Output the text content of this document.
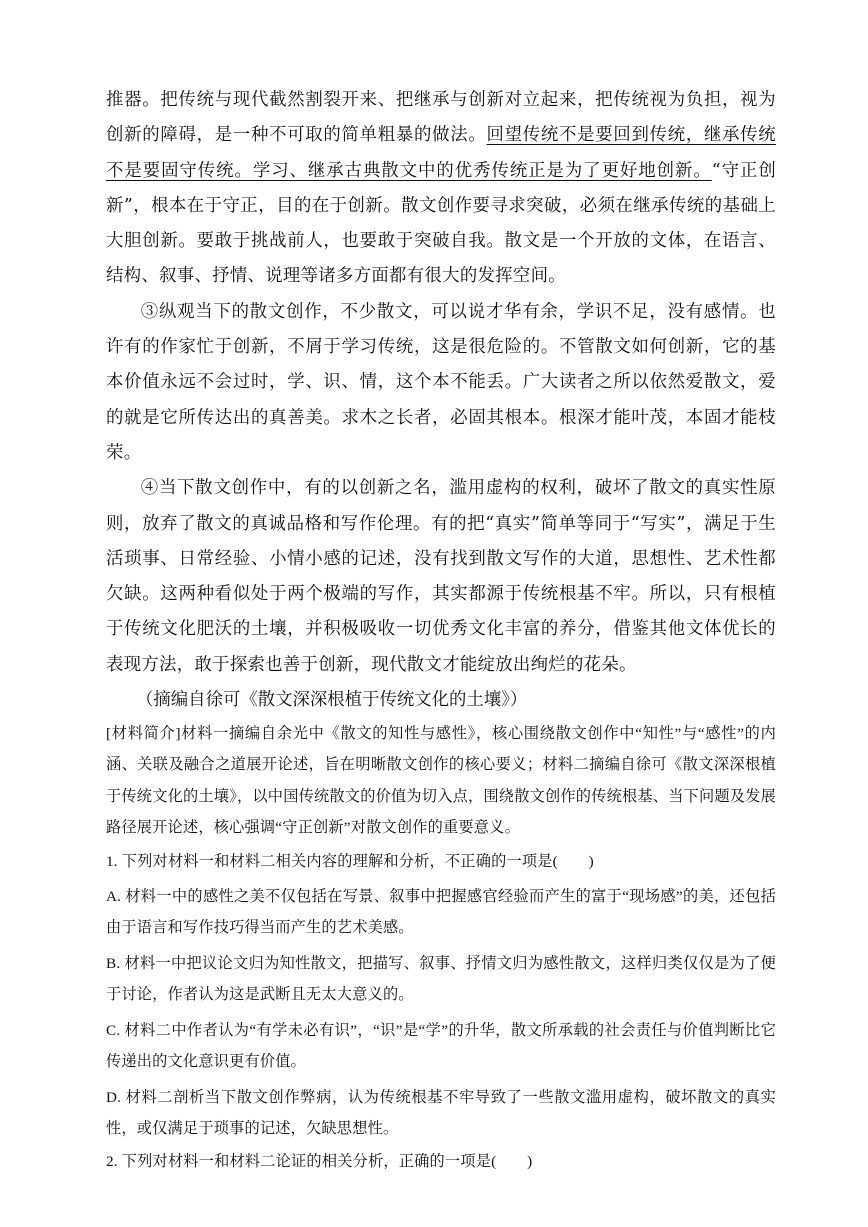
推器。把传统与现代截然割裂开来、把继承与创新对立起来，把传统视为负担，视为创新的障碍，是一种不可取的简单粗暴的做法。回望传统不是要回到传统，继承传统不是要固守传统。学习、继承古典散文中的优秀传统正是为了更好地创新。“守正创新”，根本在于守正，目的在于创新。散文创作要寻求突破，必须在继承传统的基础上大胆创新。要敢于挑战前人，也要敢于突破自我。散文是一个开放的文体，在语言、结构、叙事、抒情、说理等诸多方面都有很大的发挥空间。

③纵观当下的散文创作，不少散文，可以说才华有余，学识不足，没有感情。也许有的作家忙于创新，不屑于学习传统，这是很危险的。不管散文如何创新，它的基本价值永远不会过时，学、识、情，这个本不能丢。广大读者之所以依然爱散文，爱的就是它所传达出的真善美。求木之长者，必固其根本。根深才能叶茂，本固才能枝荣。

④当下散文创作中，有的以创新之名，滥用虚构的权利，破坏了散文的真实性原则，放弃了散文的真诚品格和写作伦理。有的把“真实”简单等同于“写实”，满足于生活琐事、日常经验、小情小感的记述，没有找到散文写作的大道，思想性、艺术性都欠缺。这两种看似处于两个极端的写作，其实都源于传统根基不牢。所以，只有根植于传统文化肥沃的土壤，并积极吸收一切优秀文化丰富的养分，借鉴其他文体优长的表现方法，敢于探索也善于创新，现代散文才能绽放出绚烂的花朵。

（摘编自徐可《散文深深根植于传统文化的土壤》）

[材料简介]材料一摘编自余光中《散文的知性与感性》，核心围绕散文创作中“知性”与“感性”的内涵、关联及融合之道展开论述，旨在明晰散文创作的核心要义；材料二摘编自徐可《散文深深根植于传统文化的土壤》，以中国传统散文的价值为切入点，围绕散文创作的传统根基、当下问题及发展路径展开论述，核心强调“守正创新”对散文创作的重要意义。

1. 下列对材料一和材料二相关内容的理解和分析，不正确的一项是(　　)

A. 材料一中的感性之美不仅包括在写景、叙事中把握感官经验而产生的富于“现场感”的美，还包括由于语言和写作技巧得当而产生的艺术美感。

B. 材料一中把议论文归为知性散文，把描写、叙事、抒情文归为感性散文，这样归类仅仅是为了便于讨论，作者认为这是武断且无太大意义的。

C. 材料二中作者认为“有学未必有识”，“识”是“学”的升华，散文所承载的社会责任与价值判断比它传递出的文化意识更有价值。

D. 材料二剖析当下散文创作弊病，认为传统根基不牢导致了一些散文滥用虚构，破坏散文的真实性，或仅满足于琐事的记述，欠缺思想性。

2. 下列对材料一和材料二论证的相关分析，正确的一项是(　　)
